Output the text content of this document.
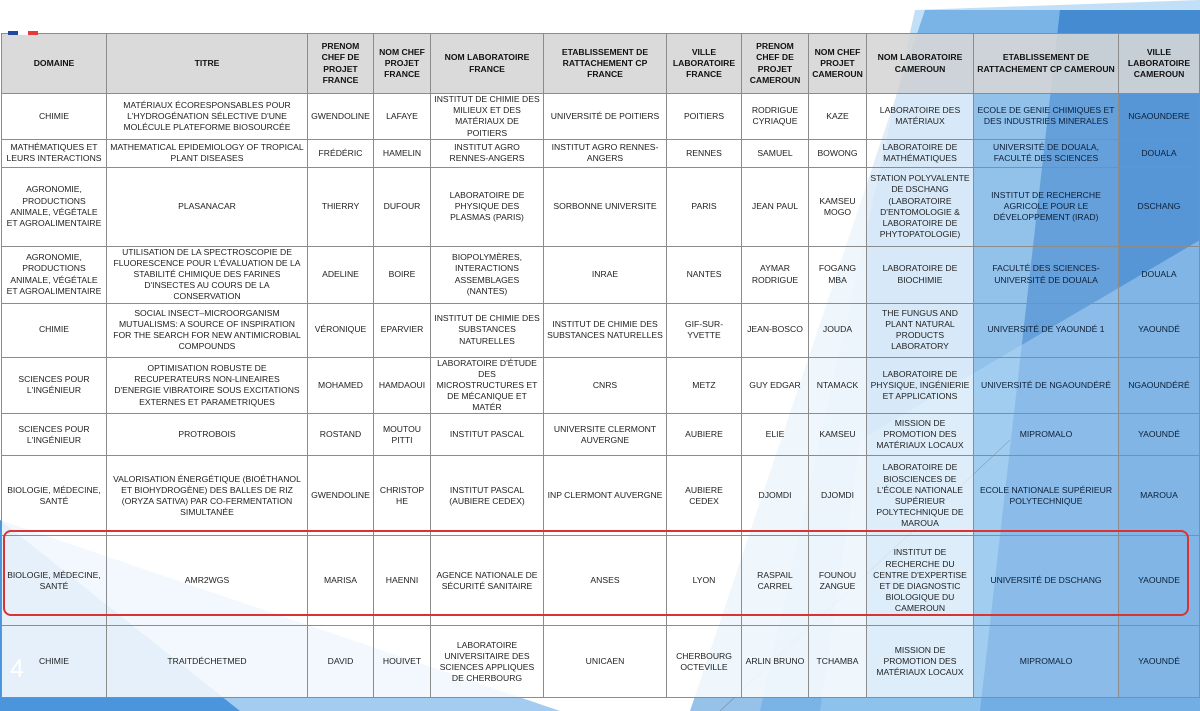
DOMAINE	TITRE	PRENOM CHEF DE PROJET FRANCE	NOM CHEF PROJET FRANCE	NOM LABORATOIRE FRANCE	ETABLISSEMENT DE RATTACHEMENT CP FRANCE	VILLE LABORATOIRE FRANCE	PRENOM CHEF DE PROJET CAMEROUN	NOM CHEF PROJET CAMEROUN	NOM LABORATOIRE CAMEROUN	ETABLISSEMENT DE RATTACHEMENT CP CAMEROUN	VILLE LABORATOIRE CAMEROUN
CHIMIE	MATÉRIAUX ÉCORESPONSABLES POUR L'HYDROGÉNATION SÉLECTIVE D'UNE MOLÉCULE PLATEFORME BIOSOURCÉE	GWENDOLINE	LAFAYE	INSTITUT DE CHIMIE DES MILIEUX ET DES MATÉRIAUX DE POITIERS	UNIVERSITÉ DE POITIERS	POITIERS	RODRIGUE CYRIAQUE	KAZE	LABORATOIRE DES MATÉRIAUX	ECOLE DE GENIE CHIMIQUES ET DES INDUSTRIES MINERALES	NGAOUNDERE
MATHÉMATIQUES ET LEURS INTERACTIONS	MATHEMATICAL EPIDEMIOLOGY OF TROPICAL PLANT DISEASES	FRÉDÉRIC	HAMELIN	INSTITUT AGRO RENNES-ANGERS	INSTITUT AGRO RENNES-ANGERS	RENNES	SAMUEL	BOWONG	LABORATOIRE DE MATHÉMATIQUES	UNIVERSITÉ DE DOUALA, FACULTÉ DES SCIENCES	DOUALA
AGRONOMIE, PRODUCTIONS ANIMALE, VÉGÉTALE ET AGROALIMENTAIRE	PLASANACAR	THIERRY	DUFOUR	LABORATOIRE DE PHYSIQUE DES PLASMAS (PARIS)	SORBONNE UNIVERSITE	PARIS	JEAN PAUL	KAMSEU MOGO	STATION POLYVALENTE DE DSCHANG (LABORATOIRE D'ENTOMOLOGIE & LABORATOIRE DE PHYTOPATOLOGIE)	INSTITUT DE RECHERCHE AGRICOLE POUR LE DÉVELOPPEMENT (IRAD)	DSCHANG
AGRONOMIE, PRODUCTIONS ANIMALE, VÉGÉTALE ET AGROALIMENTAIRE	UTILISATION DE LA SPECTROSCOPIE DE FLUORESCENCE POUR L'ÉVALUATION DE LA STABILITÉ CHIMIQUE DES FARINES D'INSECTES AU COURS DE LA CONSERVATION	ADELINE	BOIRE	BIOPOLYMÈRES, INTERACTIONS ASSEMBLAGES (NANTES)	INRAE	NANTES	AYMAR RODRIGUE	FOGANG MBA	LABORATOIRE DE BIOCHIMIE	FACULTÉ DES SCIENCES-UNIVERSITÉ DE DOUALA	DOUALA
CHIMIE	SOCIAL INSECT–MICROORGANISM MUTUALISMS: A SOURCE OF INSPIRATION FOR THE SEARCH FOR NEW ANTIMICROBIAL COMPOUNDS	VÉRONIQUE	EPARVIER	INSTITUT DE CHIMIE DES SUBSTANCES NATURELLES	INSTITUT DE CHIMIE DES SUBSTANCES NATURELLES	GIF-SUR-YVETTE	JEAN-BOSCO	JOUDA	THE FUNGUS AND PLANT NATURAL PRODUCTS LABORATORY	UNIVERSITÉ DE YAOUNDÉ 1	YAOUNDÉ
SCIENCES POUR L'INGÉNIEUR	OPTIMISATION ROBUSTE DE RECUPERATEURS NON-LINEAIRES D'ENERGIE VIBRATOIRE SOUS EXCITATIONS EXTERNES ET PARAMETRIQUES	MOHAMED	HAMDAOUI	LABORATOIRE D'ÉTUDE DES MICROSTRUCTURES ET DE MÉCANIQUE ET MATÉR	CNRS	METZ	GUY EDGAR	NTAMACK	LABORATOIRE DE PHYSIQUE, INGÉNIERIE ET APPLICATIONS	UNIVERSITÉ DE NGAOUNDÉRÉ	NGAOUNDÉRÉ
SCIENCES POUR L'INGÉNIEUR	PROTROBOIS	ROSTAND	MOUTOU PITTI	INSTITUT PASCAL	UNIVERSITE CLERMONT AUVERGNE	AUBIERE	ELIE	KAMSEU	MISSION DE PROMOTION DES MATÉRIAUX LOCAUX	MIPROMALO	YAOUNDÉ
BIOLOGIE, MÉDECINE, SANTÉ	VALORISATION ÉNERGÉTIQUE (BIOÉTHANOL ET BIOHYDROGÈNE) DES BALLES DE RIZ (ORYZA SATIVA) PAR CO-FERMENTATION SIMULTANÉE	GWENDOLINE	CHRISTOPHE	INSTITUT PASCAL (AUBIERE CEDEX)	INP CLERMONT AUVERGNE	AUBIERE CEDEX	DJOMDI	DJOMDI	LABORATOIRE DE BIOSCIENCES DE L'ÉCOLE NATIONALE SUPÉRIEUR POLYTECHNIQUE DE MAROUA	ECOLE NATIONALE SUPÉRIEUR POLYTECHNIQUE	MAROUA
BIOLOGIE, MÉDECINE, SANTÉ	AMR2WGS	MARISA	HAENNI	AGENCE NATIONALE DE SÉCURITÉ SANITAIRE	ANSES	LYON	RASPAIL CARREL	FOUNOU ZANGUE	INSTITUT DE RECHERCHE DU CENTRE D'EXPERTISE ET DE DIAGNOSTIC BIOLOGIQUE DU CAMEROUN	UNIVERSITÉ DE DSCHANG	YAOUNDE
CHIMIE	TRAITDÉCHETMED	DAVID	HOUIVET	LABORATOIRE UNIVERSITAIRE DES SCIENCES APPLIQUES DE CHERBOURG	UNICAEN	CHERBOURG OCTEVILLE	ARLIN BRUNO	TCHAMBA	MISSION DE PROMOTION DES MATÉRIAUX LOCAUX	MIPROMALO	YAOUNDÉ
4
